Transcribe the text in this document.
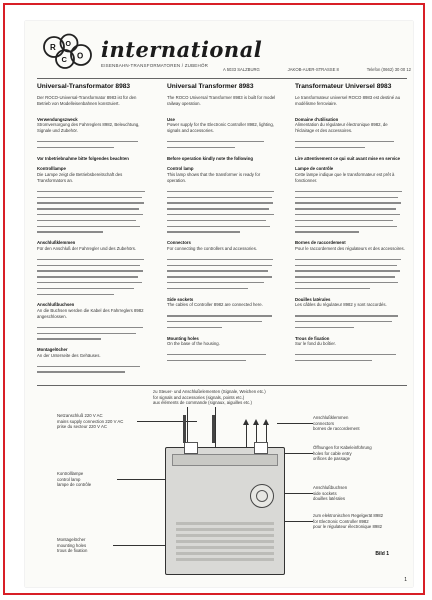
R O
C O international
EISENBAHN-TRANSFORMATOREN / ZUBEHÖR
A 5033 SALZBURG	JAKOB-AUER-STRASSE 8	Telefon (0662) 30 00 12
Universal-Transformator 8983
Der ROCO-Universal-Transformator 8983 ist für den Betrieb von Modelleisenbahnen konstruiert.
Verwendungszweck
Stromversorgung des Fahrreglers 8982, Beleuchtung, Signale und Zubehör.
Vor Inbetriebnahme bitte folgendes beachten
Kontrolllampe
Die Lampe zeigt die Betriebsbereitschaft des Transformators an.
Anschlußklemmen
Für den Anschluß der Fahrregler und des Zubehörs.
Anschlußbuchsen
An die Buchsen werden die Kabel des Fahrreglers 8982 angeschlossen.
Montagelöcher
An der Unterseite des Gehäuses.
Universal Transformer 8983
The ROCO Universal Transformer 8983 is built for model railway operation.
Use
Power supply for the Electronic Controller 8982, lighting, signals and accessories.
Before operation kindly note the following
Control lamp
This lamp shows that the transformer is ready for operation.
Connectors
For connecting the controllers and accessories.
Side sockets
The cables of Controller 8982 are connected here.
Mounting holes
On the base of the housing.
Transformateur Universel 8983
Le transformateur universel ROCO 8983 est destiné au modélisme ferroviaire.
Domaine d'utilisation
Alimentation du régulateur électronique 8982, de l'éclairage et des accessoires.
Lire attentivement ce qui suit avant mise en service
Lampe de contrôle
Cette lampe indique que le transformateur est prêt à fonctionner.
Bornes de raccordement
Pour le raccordement des régulateurs et des accessoires.
Douilles latérales
Les câbles du régulateur 8982 y sont raccordés.
Trous de fixation
Sur le fond du boîtier.
zu Steuer- und Anschlußelementen (Signale, Weichen etc.)
for signals and accessories (signals, points etc.)
aux éléments de commande (signaux, aiguilles etc.)
Netzanschluß 220 V AC
mains supply connection 220 V AC
prise du secteur 220 V AC
Kontrolllampe
control lamp
lampe de contrôle
Montagelöcher
mounting holes
trous de fixation
Anschlußklemmen
connectors
bornes de raccordement
Öffnungen für Kabeleinführung
holes for cable entry
orifices de passage
Anschlußbuchsen
side sockets
douilles latérales
zum elektronischen Regelgerät 8982
for Electronic Controller 8982
pour le régulateur électronique 8982
Bild 1
1
